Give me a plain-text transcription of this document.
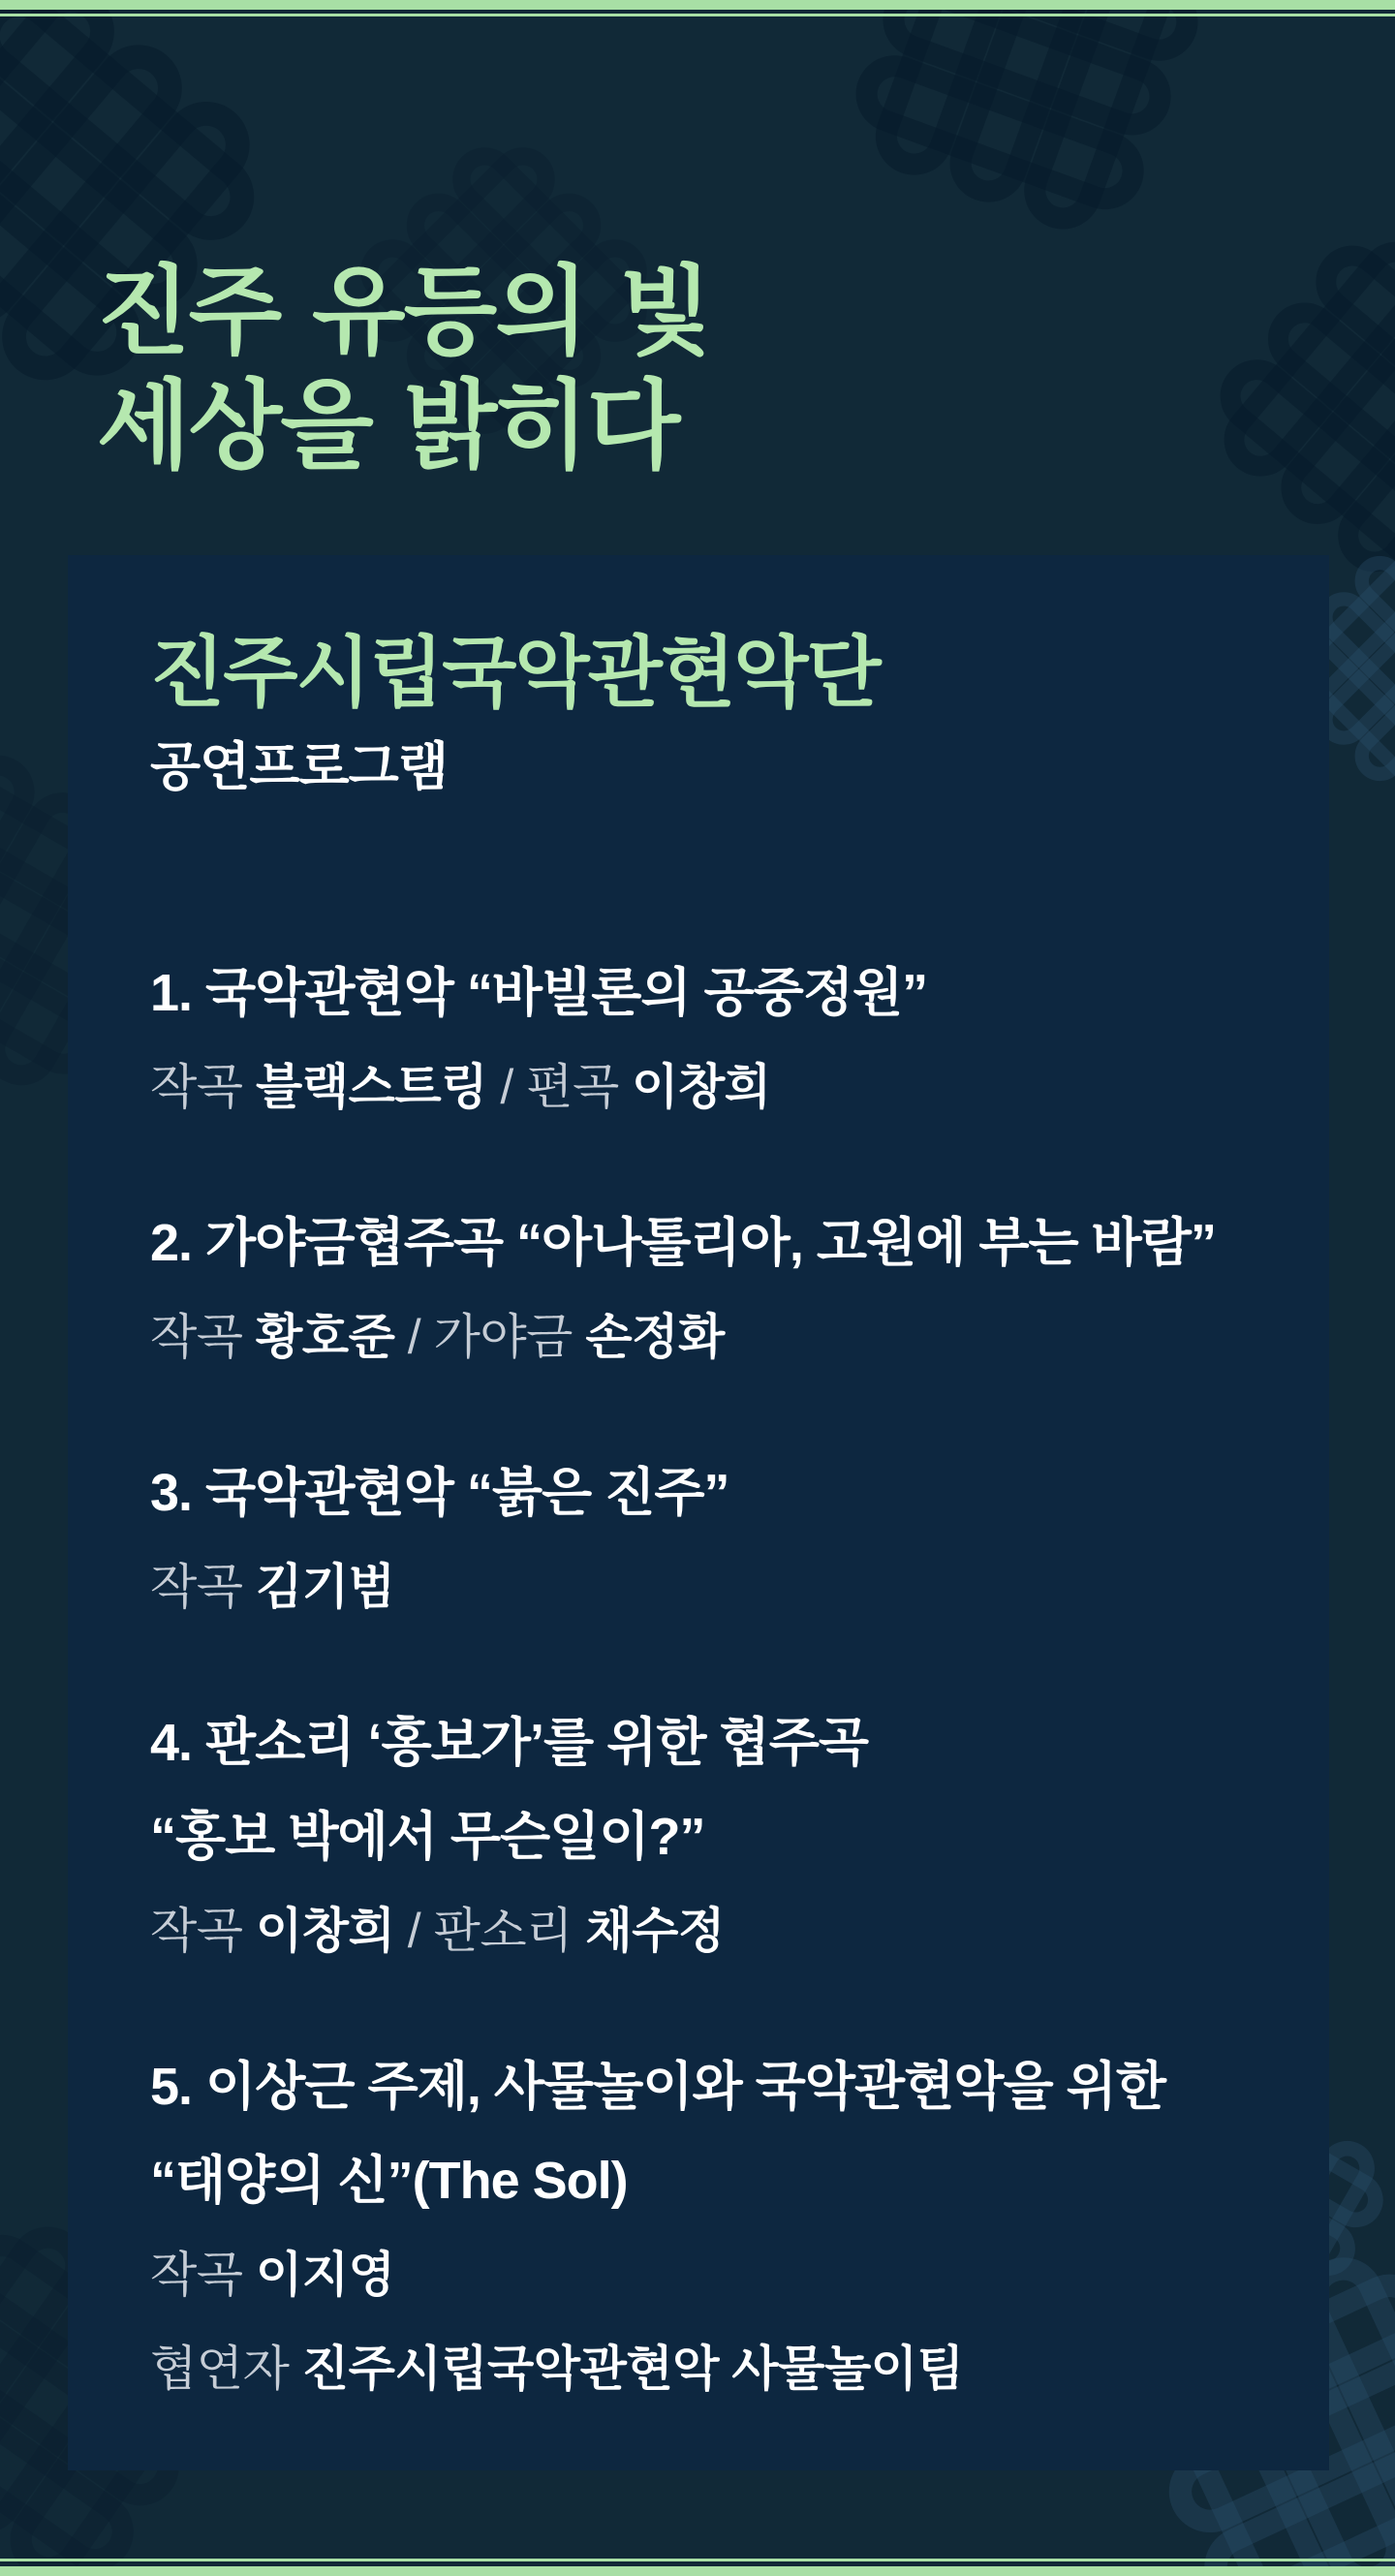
진주 유등의 빛
세상을 밝히다
진주시립국악관현악단
공연프로그램
1. 국악관현악 “바빌론의 공중정원”
작곡 블랙스트링 / 편곡 이창희
2. 가야금협주곡 “아나톨리아, 고원에 부는 바람”
작곡 황호준 / 가야금 손정화
3. 국악관현악 “붉은 진주”
작곡 김기범
4. 판소리 ‘홍보가’를 위한 협주곡
“홍보 박에서 무슨일이?”
작곡 이창희 / 판소리 채수정
5. 이상근 주제, 사물놀이와 국악관현악을 위한
“태양의 신”(The Sol)
작곡 이지영
협연자 진주시립국악관현악 사물놀이팀
